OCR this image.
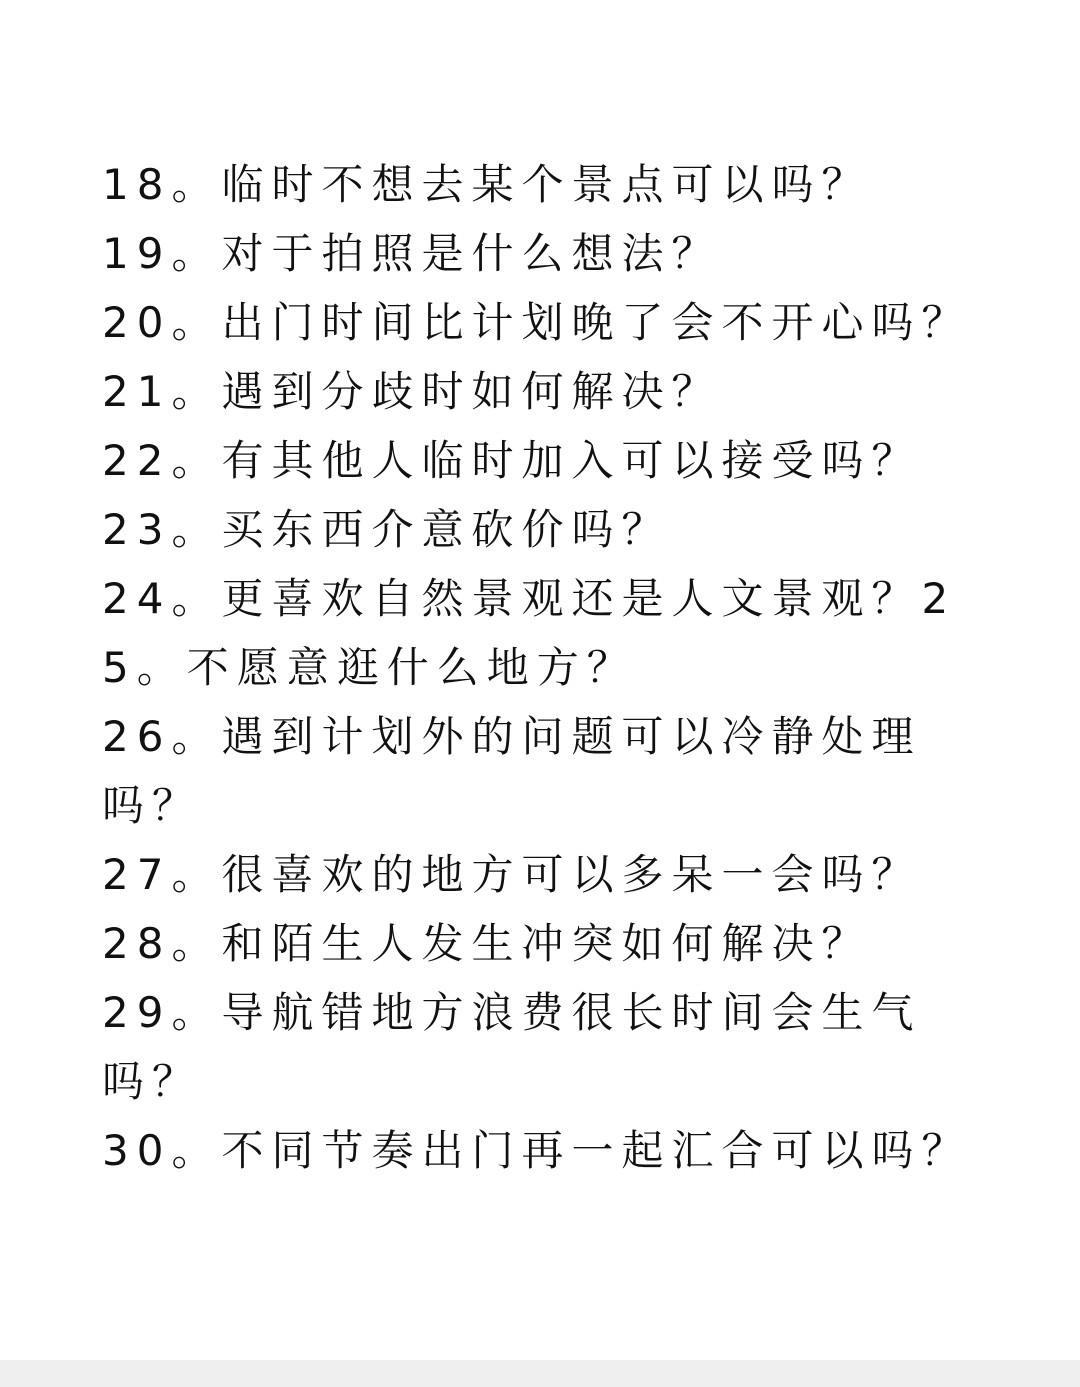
18。临时不想去某个景点可以吗？
19。对于拍照是什么想法？
20。出门时间比计划晚了会不开心吗？
21。遇到分歧时如何解决？
22。有其他人临时加入可以接受吗？
23。买东西介意砍价吗？
24。更喜欢自然景观还是人文景观？2
5。不愿意逛什么地方？
26。遇到计划外的问题可以冷静处理
吗？
27。很喜欢的地方可以多呆一会吗？
28。和陌生人发生冲突如何解决？
29。导航错地方浪费很长时间会生气
吗？
30。不同节奏出门再一起汇合可以吗？
